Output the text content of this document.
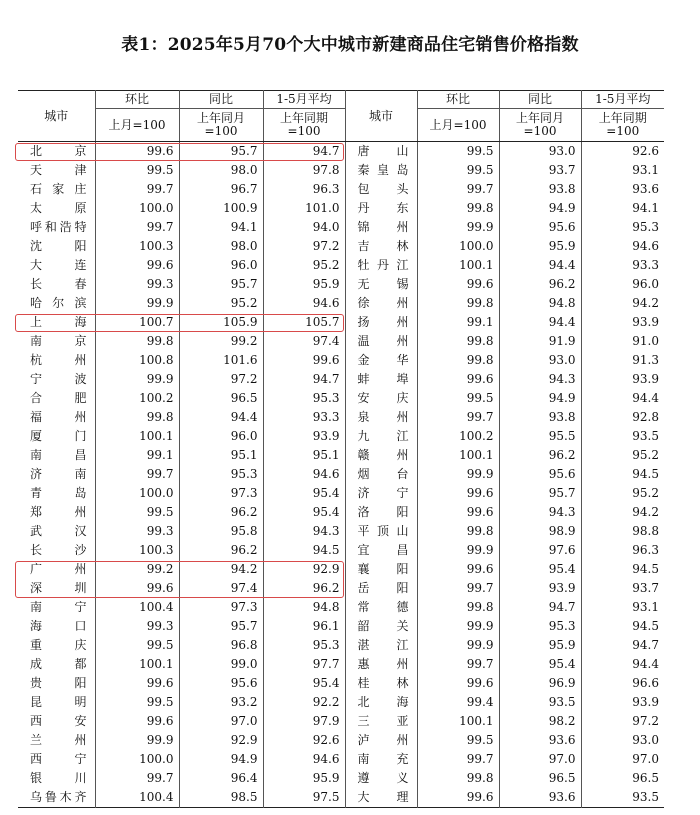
表1：2025年5月70个大中城市新建商品住宅销售价格指数
城市	环比	同比	1-5月平均	城市	环比	同比	1-5月平均
	上月=100	上年同月=100	上年同期=100		上月=100	上年同月=100	上年同期=100
北京	99.6	95.7	94.7	唐山	99.5	93.0	92.6
天津	99.5	98.0	97.8	秦皇岛	99.5	93.7	93.1
石家庄	99.7	96.7	96.3	包头	99.7	93.8	93.6
太原	100.0	100.9	101.0	丹东	99.8	94.9	94.1
呼和浩特	99.7	94.1	94.0	锦州	99.9	95.6	95.3
沈阳	100.3	98.0	97.2	吉林	100.0	95.9	94.6
大连	99.6	96.0	95.2	牡丹江	100.1	94.4	93.3
长春	99.3	95.7	95.9	无锡	99.6	96.2	96.0
哈尔滨	99.9	95.2	94.6	徐州	99.8	94.8	94.2
上海	100.7	105.9	105.7	扬州	99.1	94.4	93.9
南京	99.8	99.2	97.4	温州	99.8	91.9	91.0
杭州	100.8	101.6	99.6	金华	99.8	93.0	91.3
宁波	99.9	97.2	94.7	蚌埠	99.6	94.3	93.9
合肥	100.2	96.5	95.3	安庆	99.5	94.9	94.4
福州	99.8	94.4	93.3	泉州	99.7	93.8	92.8
厦门	100.1	96.0	93.9	九江	100.2	95.5	93.5
南昌	99.1	95.1	95.1	赣州	100.1	96.2	95.2
济南	99.7	95.3	94.6	烟台	99.9	95.6	94.5
青岛	100.0	97.3	95.4	济宁	99.6	95.7	95.2
郑州	99.5	96.2	95.4	洛阳	99.6	94.3	94.2
武汉	99.3	95.8	94.3	平顶山	99.8	98.9	98.8
长沙	100.3	96.2	94.5	宜昌	99.9	97.6	96.3
广州	99.2	94.2	92.9	襄阳	99.6	95.4	94.5
深圳	99.6	97.4	96.2	岳阳	99.7	93.9	93.7
南宁	100.4	97.3	94.8	常德	99.8	94.7	93.1
海口	99.3	95.7	96.1	韶关	99.9	95.3	94.5
重庆	99.5	96.8	95.3	湛江	99.9	95.9	94.7
成都	100.1	99.0	97.7	惠州	99.7	95.4	94.4
贵阳	99.6	95.6	95.4	桂林	99.6	96.9	96.6
昆明	99.5	93.2	92.2	北海	99.4	93.5	93.9
西安	99.6	97.0	97.9	三亚	100.1	98.2	97.2
兰州	99.9	92.9	92.6	泸州	99.5	93.6	93.0
西宁	100.0	94.9	94.6	南充	99.7	97.0	97.0
银川	99.7	96.4	95.9	遵义	99.8	96.5	96.5
乌鲁木齐	100.4	98.5	97.5	大理	99.6	93.6	93.5
